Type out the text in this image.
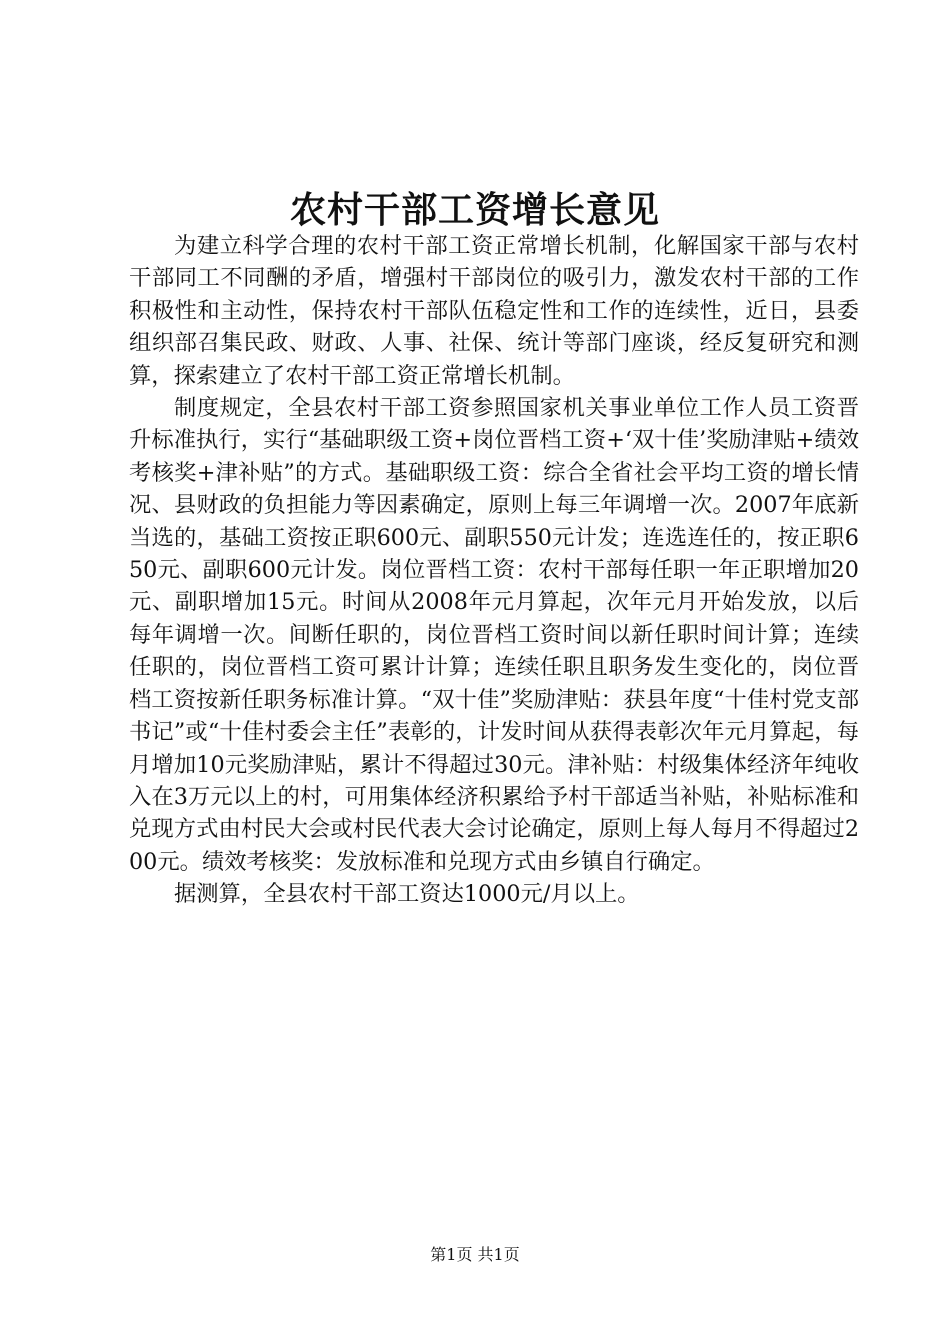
农村干部工资增长意见

为建立科学合理的农村干部工资正常增长机制，化解国家干部与农村干部同工不同酬的矛盾，增强村干部岗位的吸引力，激发农村干部的工作积极性和主动性，保持农村干部队伍稳定性和工作的连续性，近日，县委组织部召集民政、财政、人事、社保、统计等部门座谈，经反复研究和测算，探索建立了农村干部工资正常增长机制。

制度规定，全县农村干部工资参照国家机关事业单位工作人员工资晋升标准执行，实行“基础职级工资+岗位晋档工资+‘双十佳’奖励津贴+绩效考核奖+津补贴”的方式。基础职级工资：综合全省社会平均工资的增长情况、县财政的负担能力等因素确定，原则上每三年调增一次。2007年底新当选的，基础工资按正职600元、副职550元计发；连选连任的，按正职650元、副职600元计发。岗位晋档工资：农村干部每任职一年正职增加20元、副职增加15元。时间从2008年元月算起，次年元月开始发放，以后每年调增一次。间断任职的，岗位晋档工资时间以新任职时间计算；连续任职的，岗位晋档工资可累计计算；连续任职且职务发生变化的，岗位晋档工资按新任职务标准计算。“双十佳”奖励津贴：获县年度“十佳村党支部书记”或“十佳村委会主任”表彰的，计发时间从获得表彰次年元月算起，每月增加10元奖励津贴，累计不得超过30元。津补贴：村级集体经济年纯收入在3万元以上的村，可用集体经济积累给予村干部适当补贴，补贴标准和兑现方式由村民大会或村民代表大会讨论确定，原则上每人每月不得超过200元。绩效考核奖：发放标准和兑现方式由乡镇自行确定。

据测算，全县农村干部工资达1000元/月以上。

第1页 共1页
